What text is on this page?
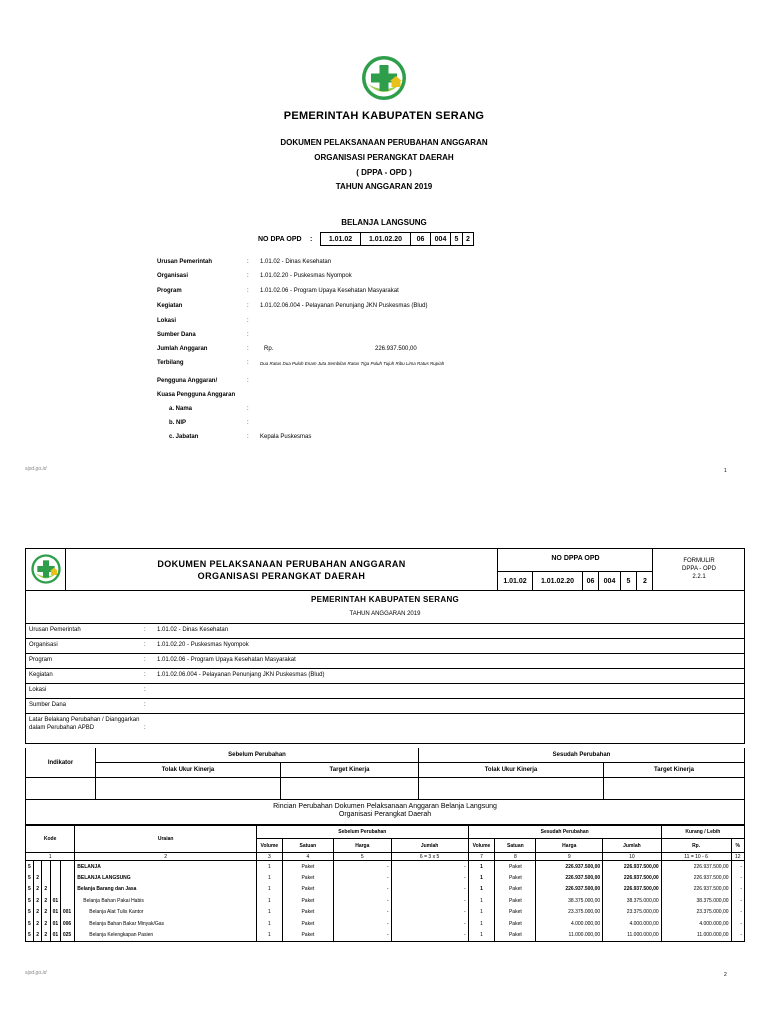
PEMERINTAH KABUPATEN SERANG
DOKUMEN PELAKSANAAN PERUBAHAN ANGGARAN
ORGANISASI PERANGKAT DAERAH
( DPPA - OPD )
TAHUN ANGGARAN 2019
BELANJA LANGSUNG
NO DPA OPD	:	1.01.02	1.01.02.20	06	004	5	2
Urusan Pemerintah	: 1.01.02 - Dinas Kesehatan
Organisasi	: 1.01.02.20 - Puskesmas Nyompok
Program	: 1.01.02.06 - Program Upaya Kesehatan Masyarakat
Kegiatan	: 1.01.02.06.004 - Pelayanan Penunjang JKN Puskesmas (Blud)
Lokasi	:
Sumber Dana	:
Jumlah Anggaran	:	Rp.	226.937.500,00
Terbilang	:	Dua Ratus Dua Puluh Enam Juta Sembilan Ratus Tiga Puluh Tujuh Ribu Lima Ratus Rupiah
Pengguna Anggaran/	:
Kuasa Pengguna Anggaran
a. Nama	:
b. NIP	:
c. Jabatan	: Kepala Puskesmas
sipd.go.id	1
DOKUMEN PELAKSANAAN PERUBAHAN ANGGARAN
ORGANISASI PERANGKAT DAERAH
NO DPPA OPD
1.01.02	1.01.02.20	06	004	5	2
FORMULIR
DPPA - OPD
2.2.1
PEMERINTAH KABUPATEN SERANG
TAHUN ANGGARAN 2019
Urusan Pemerintah	: 1.01.02 - Dinas Kesehatan
Organisasi	: 1.01.02.20 - Puskesmas Nyompok
Program	: 1.01.02.06 - Program Upaya Kesehatan Masyarakat
Kegiatan	: 1.01.02.06.004 - Pelayanan Penunjang JKN Puskesmas (Blud)
Lokasi	:
Sumber Dana	:
Latar Belakang Perubahan / Dianggarkan dalam Perubahan APBD	:
Indikator
Sebelum Perubahan	Sesudah Perubahan
Tolak Ukur Kinerja	Target Kinerja	Tolak Ukur Kinerja	Target Kinerja
Rincian Perubahan Dokumen Pelaksanaan Anggaran Belanja Langsung
Organisasi Perangkat Daerah
Kode					Uraian	Sebelum Perubahan				Sesudah Perubahan				Kurang / Lebih	
						Volume	Satuan	Harga	Jumlah	Volume	Satuan	Harga	Jumlah	Rp.	%
1					2	3	4	5	6 = 3 x 5	7	8	9	10	11 = 10 - 6	12
5					BELANJA	1	Paket	-	-	1	Paket	226.937.500,00	226.937.500,00	226.937.500,00	-
5	2				BELANJA LANGSUNG	1	Paket	-	-	1	Paket	226.937.500,00	226.937.500,00	226.937.500,00	-
5	2	2			Belanja Barang dan Jasa	1	Paket	-	-	1	Paket	226.937.500,00	226.937.500,00	226.937.500,00	-
5	2	2	01		Belanja Bahan Pakai Habis	1	Paket	-	-	1	Paket	38.375.000,00	38.375.000,00	38.375.000,00	-
5	2	2	01	001	Belanja Alat Tulis Kantor	1	Paket	-	-	1	Paket	23.375.000,00	23.375.000,00	23.375.000,00	-
5	2	2	01	006	Belanja Bahan Bakar Minyak/Gas	1	Paket	-	-	1	Paket	4.000.000,00	4.000.000,00	4.000.000,00	-
5	2	2	01	025	Belanja Kelengkapan Pasien	1	Paket	-	-	1	Paket	11.000.000,00	11.000.000,00	11.000.000,00	-
sipd.go.id	2
